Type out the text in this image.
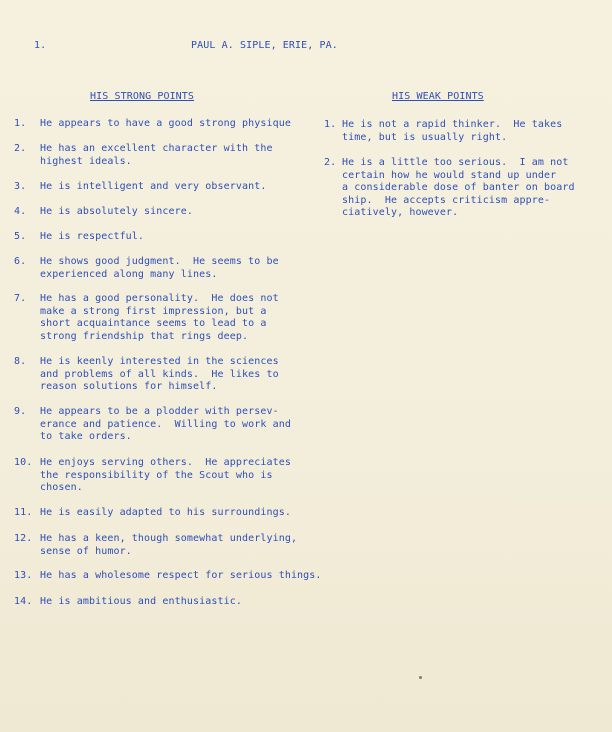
1.	PAUL A. SIPLE, ERIE, PA.
HIS STRONG POINTS	HIS WEAK POINTS
1. He appears to have a good strong physique
2. He has an excellent character with the
highest ideals.
3. He is intelligent and very observant.
4. He is absolutely sincere.
5. He is respectful.
6. He shows good judgment.  He seems to be
experienced along many lines.
7. He has a good personality.  He does not
make a strong first impression, but a
short acquaintance seems to lead to a
strong friendship that rings deep.
8. He is keenly interested in the sciences
and problems of all kinds.  He likes to
reason solutions for himself.
9. He appears to be a plodder with persev-
erance and patience.  Willing to work and
to take orders.
10. He enjoys serving others.  He appreciates
the responsibility of the Scout who is
chosen.
11. He is easily adapted to his surroundings.
12. He has a keen, though somewhat underlying,
sense of humor.
13. He has a wholesome respect for serious things.
14. He is ambitious and enthusiastic.
1. He is not a rapid thinker.  He takes
time, but is usually right.
2. He is a little too serious.  I am not
certain how he would stand up under
a considerable dose of banter on board
ship.  He accepts criticism appre-
ciatively, however.
